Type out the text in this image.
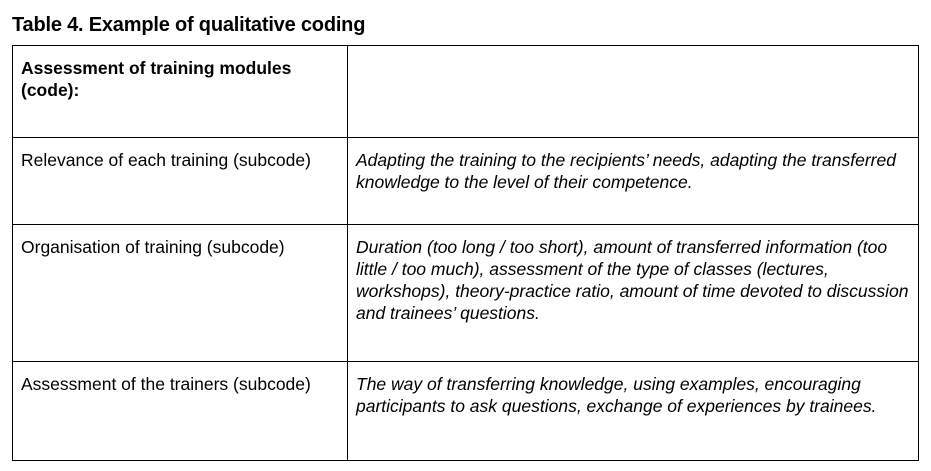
Table 4. Example of qualitative coding
Assessment of training modules (code):	
Relevance of each training (subcode)	Adapting the training to the recipients’ needs, adapting the transferred knowledge to the level of their competence.
Organisation of training (subcode)	Duration (too long / too short), amount of transferred information (too little / too much), assessment of the type of classes (lectures, workshops), theory-practice ratio, amount of time devoted to discussion and trainees’ questions.
Assessment of the trainers (subcode)	The way of transferring knowledge, using examples, encouraging participants to ask questions, exchange of experiences by trainees.
